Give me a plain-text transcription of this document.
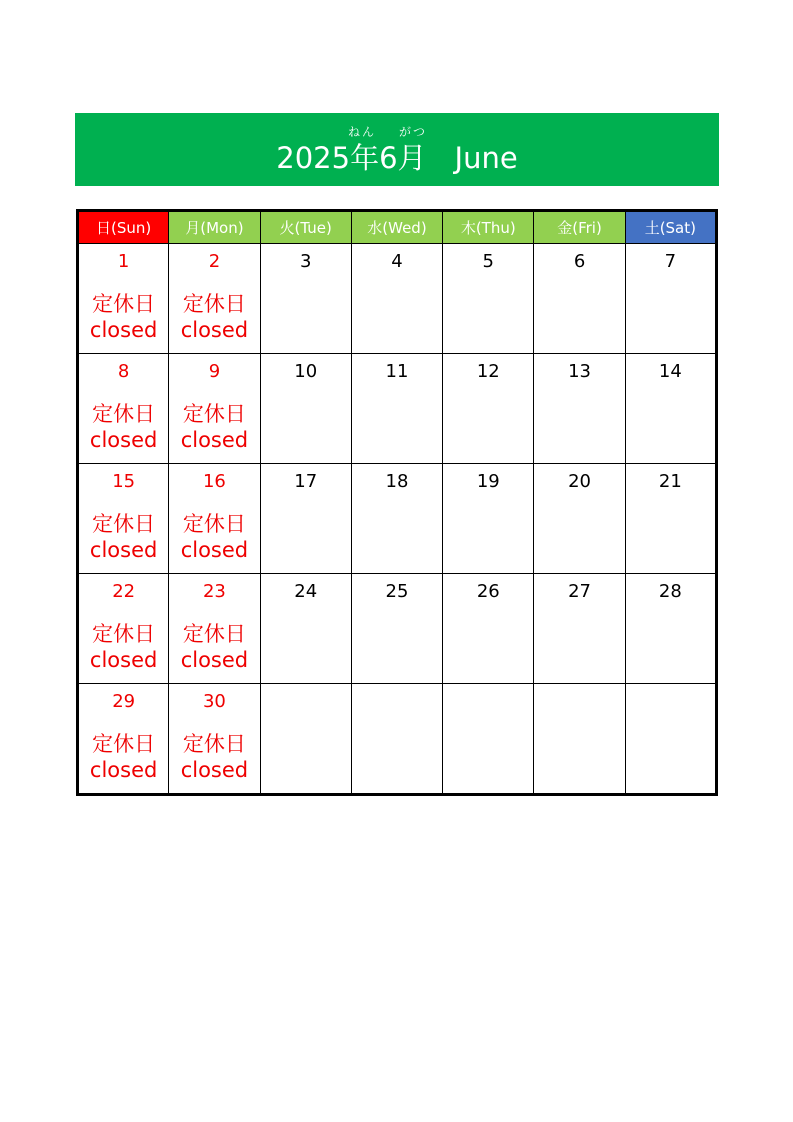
ねん がつ
2025年6月 June
日(Sun)	月(Mon)	火(Tue)	水(Wed)	木(Thu)	金(Fri)	土(Sat)

1
定休日
closed	2
定休日
closed	3	4	5	6	7

8
定休日
closed	9
定休日
closed	10	11	12	13	14

15
定休日
closed	16
定休日
closed	17	18	19	20	21

22
定休日
closed	23
定休日
closed	24	25	26	27	28

29
定休日
closed	30
定休日
closed					
